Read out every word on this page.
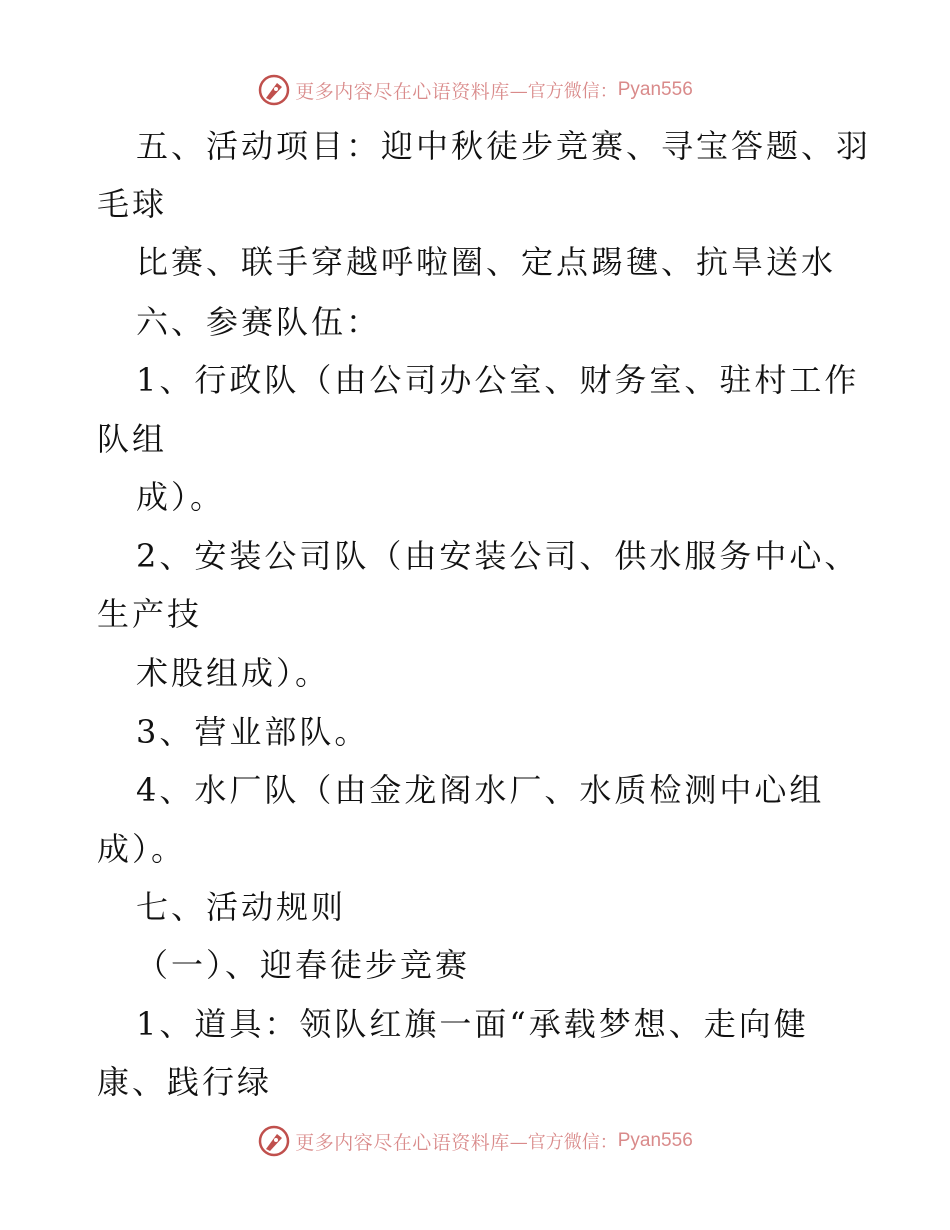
更多内容尽在心语资料库 —官方微信： Pyan556
五、活动项目：迎中秋徒步竞赛、寻宝答题、羽
毛球
比赛、联手穿越呼啦圈、定点踢毽、抗旱送水
六、参赛队伍：
1、行政队（由公司办公室、财务室、驻村工作
队组
成）。
2、安装公司队（由安装公司、供水服务中心、
生产技
术股组成）。
3、营业部队。
4、水厂队（由金龙阁水厂、水质检测中心组
成）。
七、活动规则
（一）、迎春徒步竞赛
1、道具：领队红旗一面“承载梦想、走向健
康、践行绿
更多内容尽在心语资料库 —官方微信： Pyan556
